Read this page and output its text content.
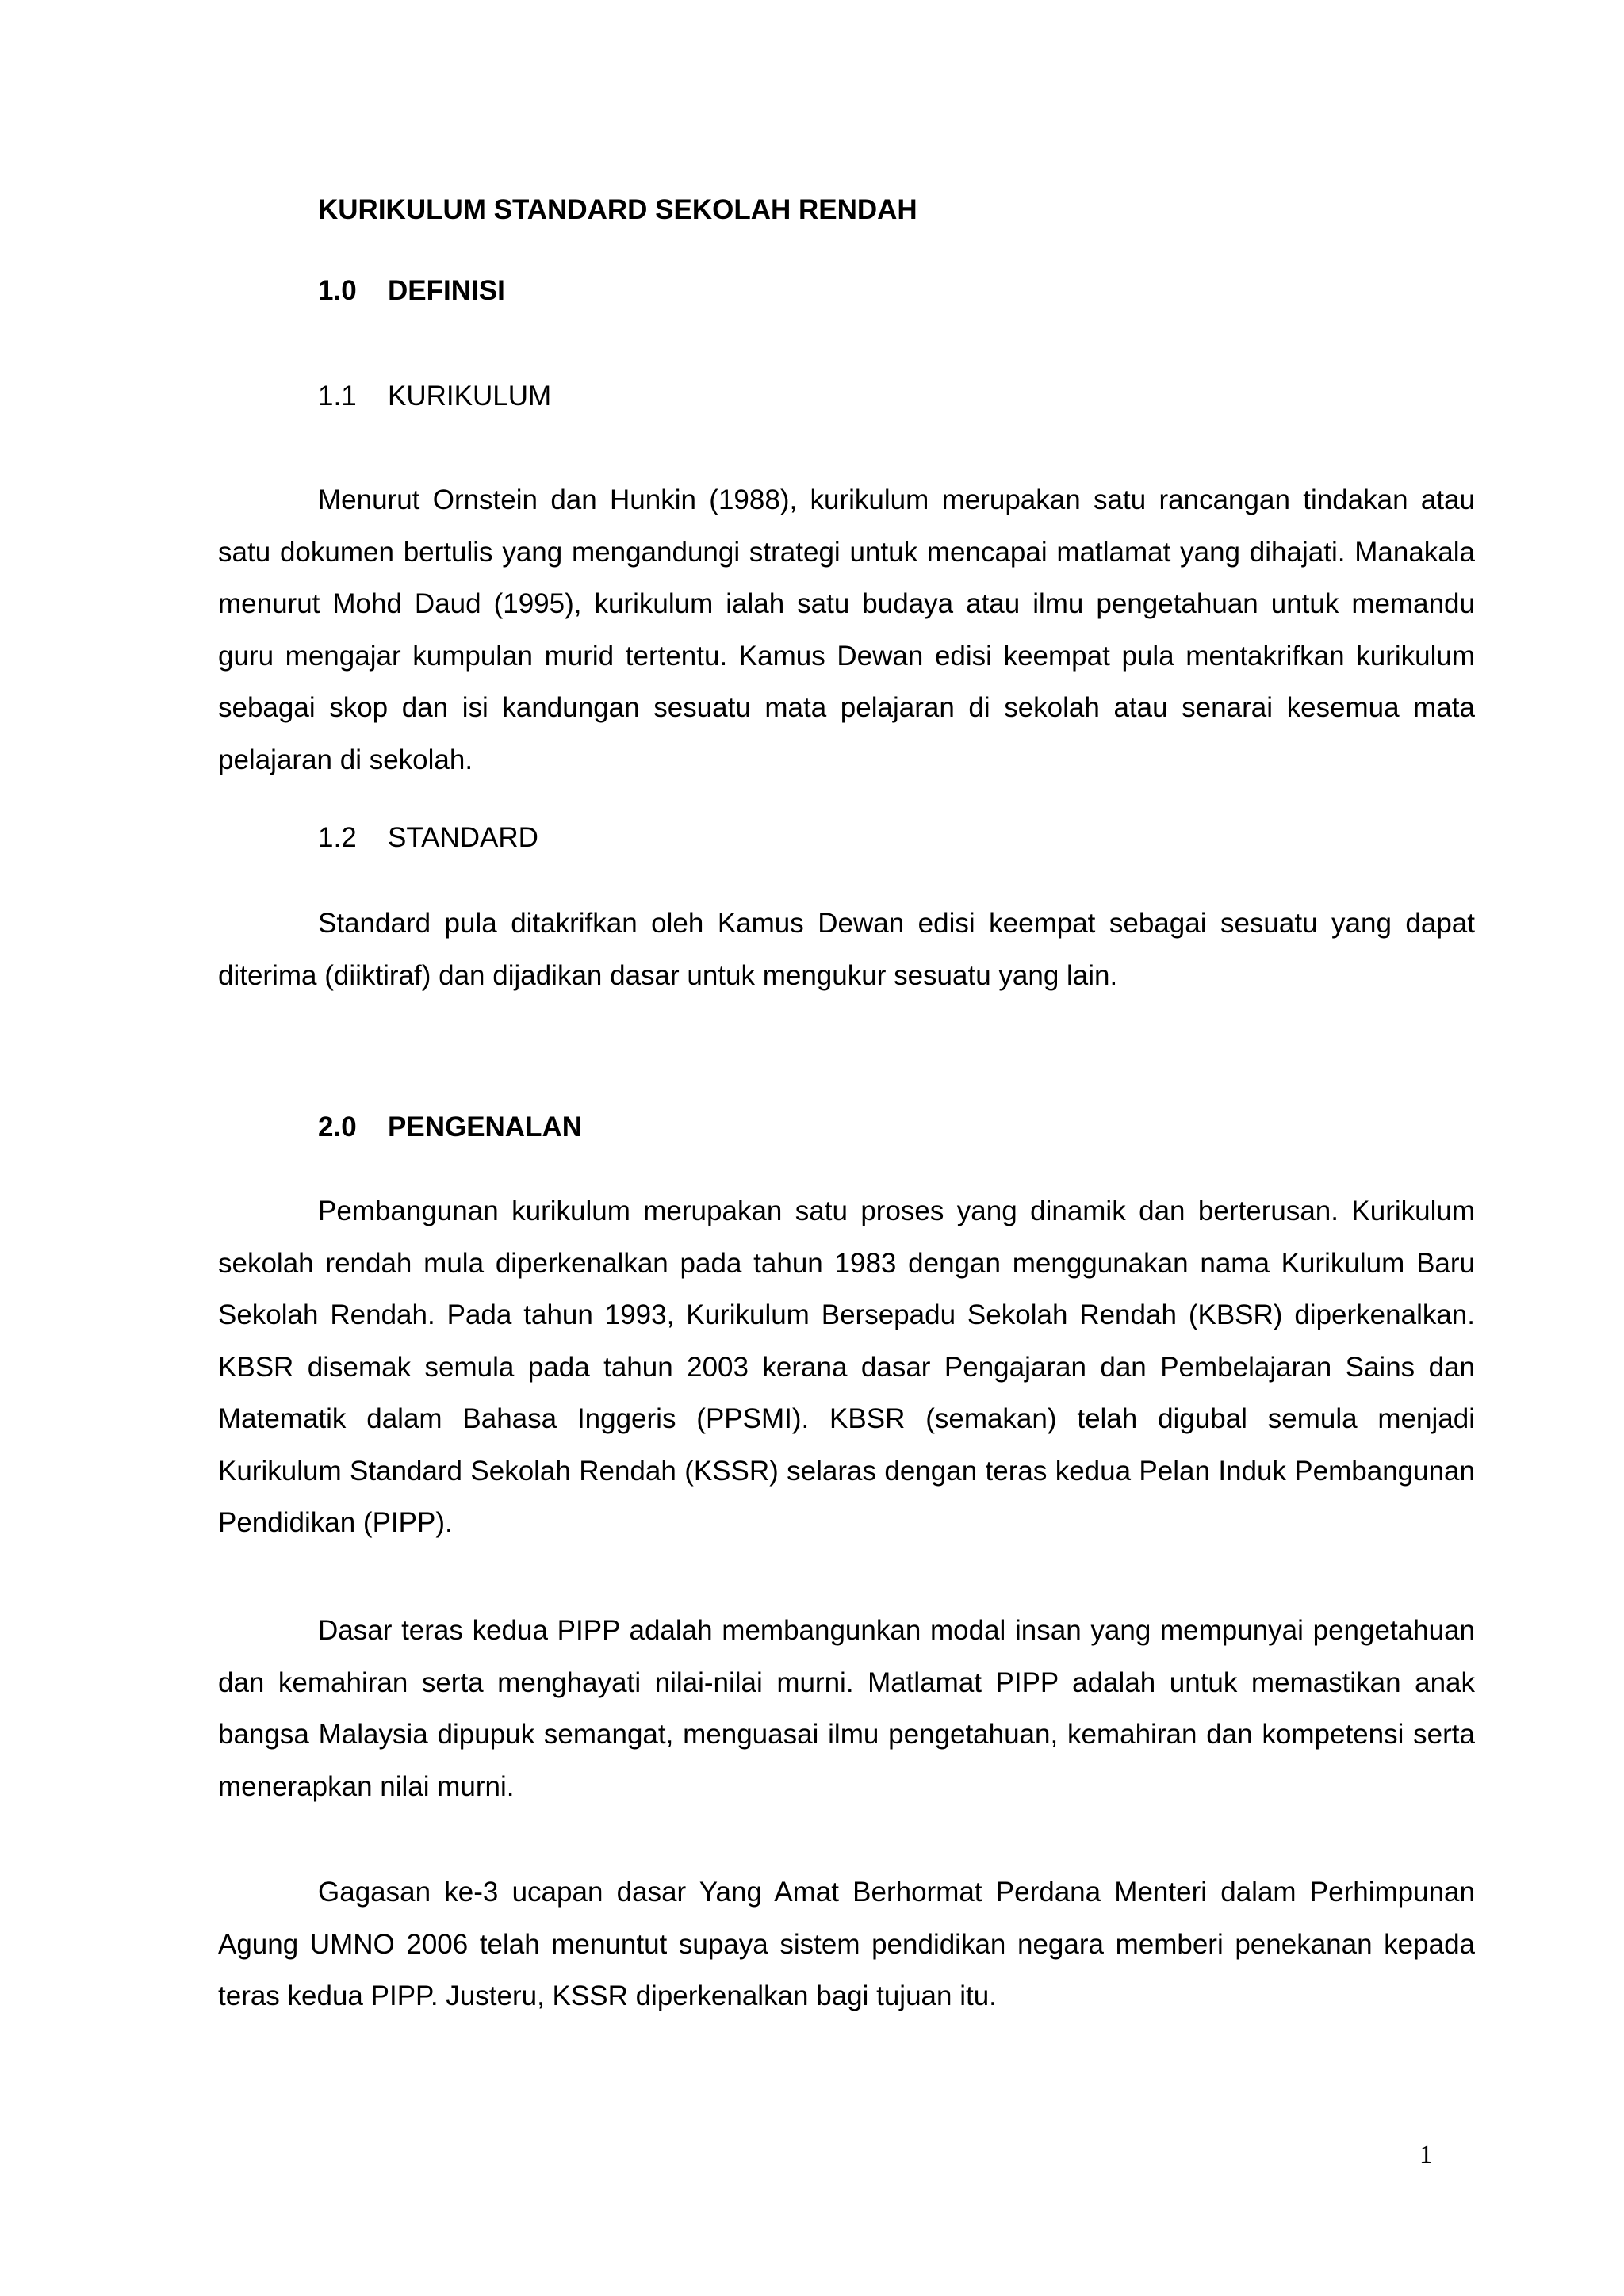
KURIKULUM STANDARD SEKOLAH RENDAH
1.0 DEFINISI
1.1 KURIKULUM

Menurut Ornstein dan Hunkin (1988), kurikulum merupakan satu rancangan tindakan atau satu dokumen bertulis yang mengandungi strategi untuk mencapai matlamat yang dihajati. Manakala menurut Mohd Daud (1995), kurikulum ialah satu budaya atau ilmu pengetahuan untuk memandu guru mengajar kumpulan murid tertentu. Kamus Dewan edisi keempat pula mentakrifkan kurikulum sebagai skop dan isi kandungan sesuatu mata pelajaran di sekolah atau senarai kesemua mata pelajaran di sekolah.

1.2 STANDARD

Standard pula ditakrifkan oleh Kamus Dewan edisi keempat sebagai sesuatu yang dapat diterima (diiktiraf) dan dijadikan dasar untuk mengukur sesuatu yang lain.

2.0 PENGENALAN

Pembangunan kurikulum merupakan satu proses yang dinamik dan berterusan. Kurikulum sekolah rendah mula diperkenalkan pada tahun 1983 dengan menggunakan nama Kurikulum Baru Sekolah Rendah. Pada tahun 1993, Kurikulum Bersepadu Sekolah Rendah (KBSR) diperkenalkan. KBSR disemak semula pada tahun 2003 kerana dasar Pengajaran dan Pembelajaran Sains dan Matematik dalam Bahasa Inggeris (PPSMI). KBSR (semakan) telah digubal semula menjadi Kurikulum Standard Sekolah Rendah (KSSR) selaras dengan teras kedua Pelan Induk Pembangunan Pendidikan (PIPP).

Dasar teras kedua PIPP adalah membangunkan modal insan yang mempunyai pengetahuan dan kemahiran serta menghayati nilai-nilai murni. Matlamat PIPP adalah untuk memastikan anak bangsa Malaysia dipupuk semangat, menguasai ilmu pengetahuan, kemahiran dan kompetensi serta menerapkan nilai murni.

Gagasan ke-3 ucapan dasar Yang Amat Berhormat Perdana Menteri dalam Perhimpunan Agung UMNO 2006 telah menuntut supaya sistem pendidikan negara memberi penekanan kepada teras kedua PIPP. Justeru, KSSR diperkenalkan bagi tujuan itu.

1
